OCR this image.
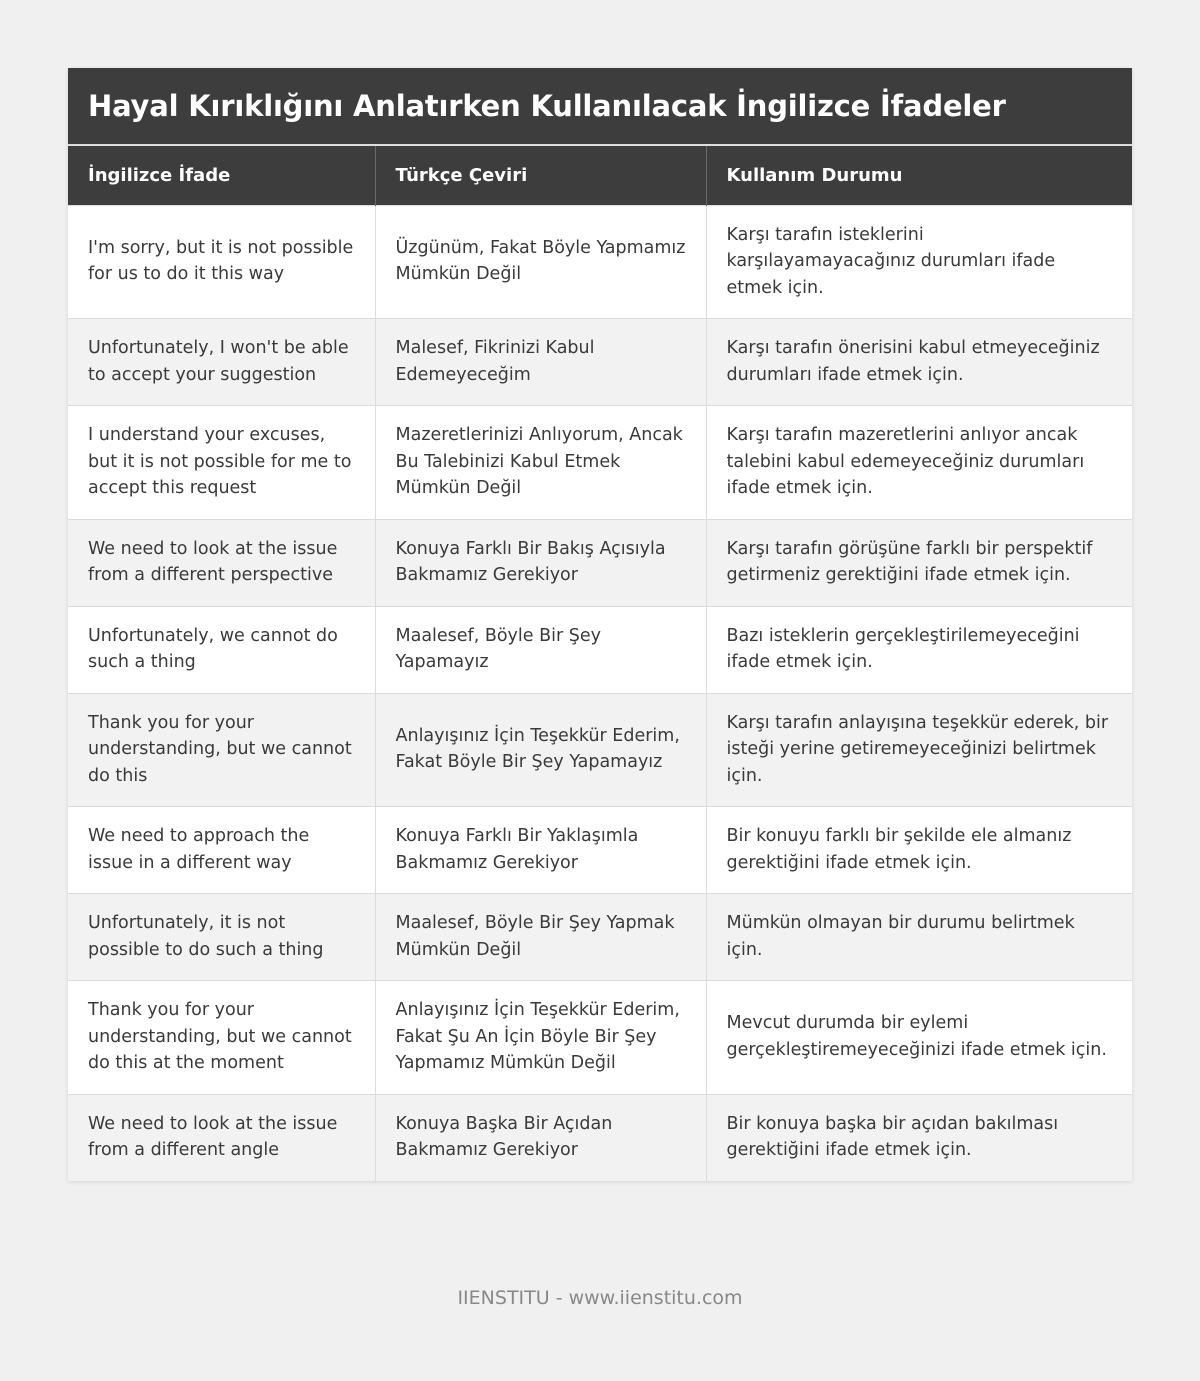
Hayal Kırıklığını Anlatırken Kullanılacak İngilizce İfadeler
İngilizce İfade	Türkçe Çeviri	Kullanım Durumu
I'm sorry, but it is not possible for us to do it this way	Üzgünüm, Fakat Böyle Yapmamız Mümkün Değil	Karşı tarafın isteklerini karşılayamayacağınız durumları ifade etmek için.
Unfortunately, I won't be able to accept your suggestion	Malesef, Fikrinizi Kabul Edemeyeceğim	Karşı tarafın önerisini kabul etmeyeceğiniz durumları ifade etmek için.
I understand your excuses, but it is not possible for me to accept this request	Mazeretlerinizi Anlıyorum, Ancak Bu Talebinizi Kabul Etmek Mümkün Değil	Karşı tarafın mazeretlerini anlıyor ancak talebini kabul edemeyeceğiniz durumları ifade etmek için.
We need to look at the issue from a different perspective	Konuya Farklı Bir Bakış Açısıyla Bakmamız Gerekiyor	Karşı tarafın görüşüne farklı bir perspektif getirmeniz gerektiğini ifade etmek için.
Unfortunately, we cannot do such a thing	Maalesef, Böyle Bir Şey Yapamayız	Bazı isteklerin gerçekleştirilemeyeceğini ifade etmek için.
Thank you for your understanding, but we cannot do this	Anlayışınız İçin Teşekkür Ederim, Fakat Böyle Bir Şey Yapamayız	Karşı tarafın anlayışına teşekkür ederek, bir isteği yerine getiremeyeceğinizi belirtmek için.
We need to approach the issue in a different way	Konuya Farklı Bir Yaklaşımla Bakmamız Gerekiyor	Bir konuyu farklı bir şekilde ele almanız gerektiğini ifade etmek için.
Unfortunately, it is not possible to do such a thing	Maalesef, Böyle Bir Şey Yapmak Mümkün Değil	Mümkün olmayan bir durumu belirtmek için.
Thank you for your understanding, but we cannot do this at the moment	Anlayışınız İçin Teşekkür Ederim, Fakat Şu An İçin Böyle Bir Şey Yapmamız Mümkün Değil	Mevcut durumda bir eylemi gerçekleştiremeyeceğinizi ifade etmek için.
We need to look at the issue from a different angle	Konuya Başka Bir Açıdan Bakmamız Gerekiyor	Bir konuya başka bir açıdan bakılması gerektiğini ifade etmek için.
IIENSTITU - www.iienstitu.com
